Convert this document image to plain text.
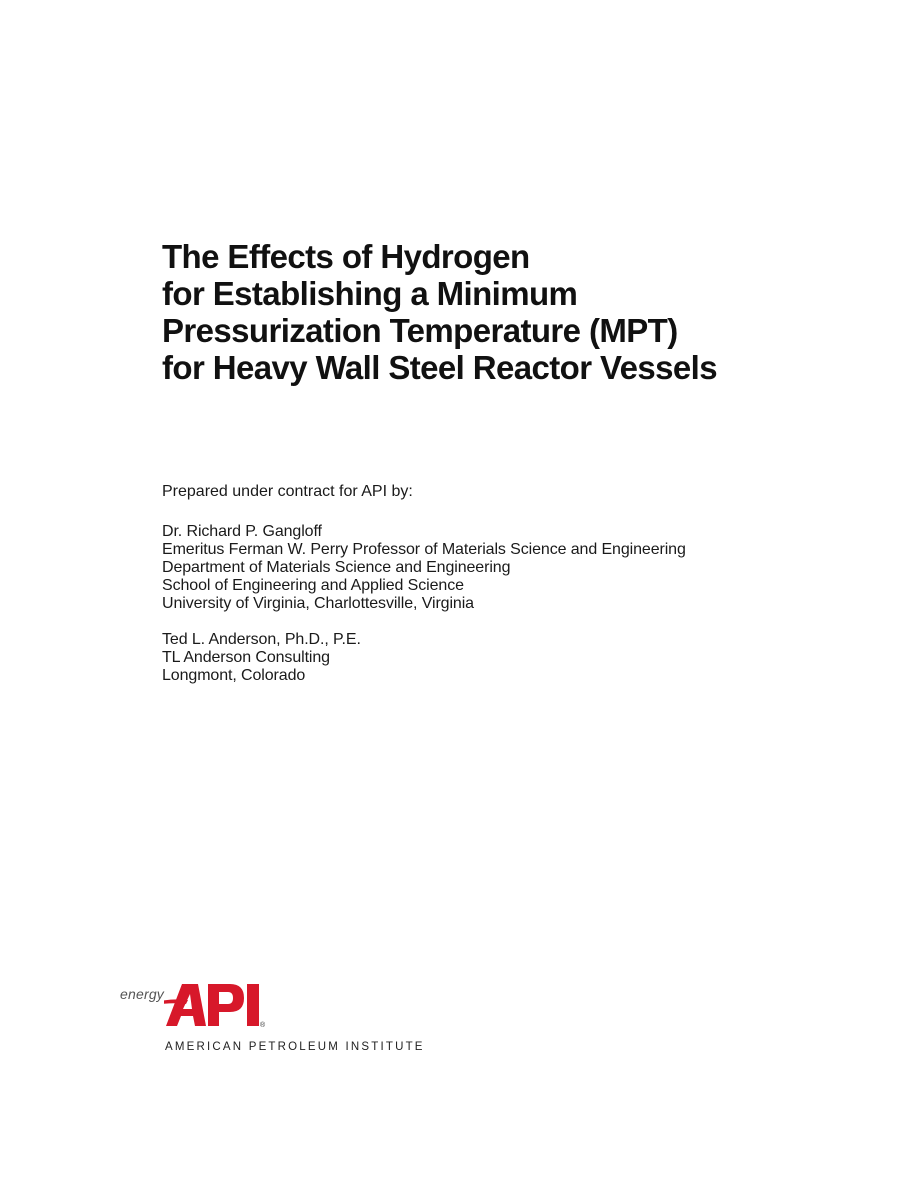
The Effects of Hydrogen
for Establishing a Minimum
Pressurization Temperature (MPT)
for Heavy Wall Steel Reactor Vessels
Prepared under contract for API by:
Dr. Richard P. Gangloff
Emeritus Ferman W. Perry Professor of Materials Science and Engineering
Department of Materials Science and Engineering
School of Engineering and Applied Science
University of Virginia, Charlottesville, Virginia
Ted L. Anderson, Ph.D., P.E.
TL Anderson Consulting
Longmont, Colorado
energy
®
AMERICAN PETROLEUM INSTITUTE
